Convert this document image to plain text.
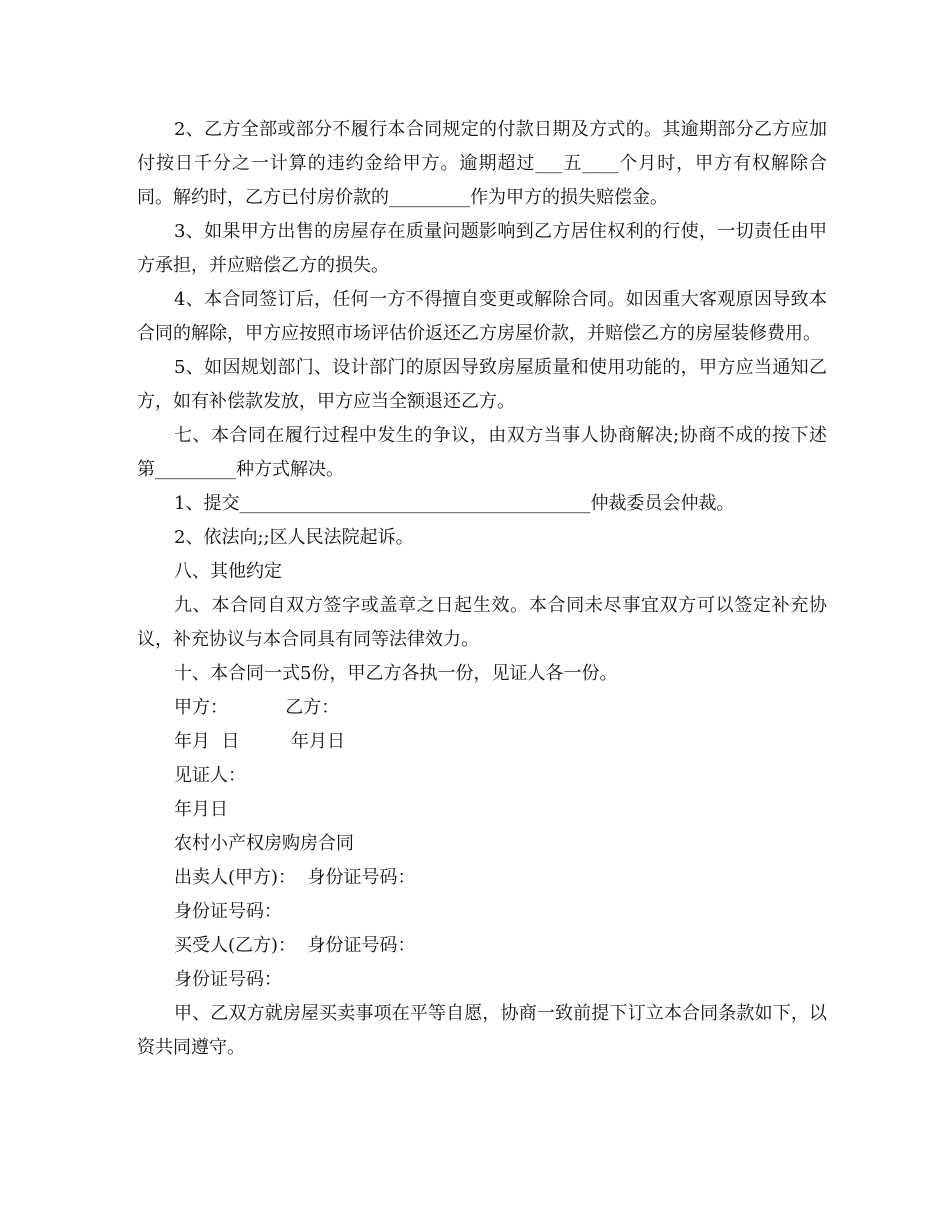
2、乙方全部或部分不履行本合同规定的付款日期及方式的。其逾期部分乙方应加付按日千分之一计算的违约金给甲方。逾期超过___五____个月时，甲方有权解除合同。解约时，乙方已付房价款的_________作为甲方的损失赔偿金。

3、如果甲方出售的房屋存在质量问题影响到乙方居住权利的行使，一切责任由甲方承担，并应赔偿乙方的损失。

4、本合同签订后，任何一方不得擅自变更或解除合同。如因重大客观原因导致本合同的解除，甲方应按照市场评估价返还乙方房屋价款，并赔偿乙方的房屋装修费用。

5、如因规划部门、设计部门的原因导致房屋质量和使用功能的，甲方应当通知乙方，如有补偿款发放，甲方应当全额退还乙方。

七、本合同在履行过程中发生的争议，由双方当事人协商解决;协商不成的按下述第_________种方式解决。

1、提交_______________________________________仲裁委员会仲裁。

2、依法向;;区人民法院起诉。

八、其他约定

九、本合同自双方签字或盖章之日起生效。本合同未尽事宜双方可以签定补充协议，补充协议与本合同具有同等法律效力。

十、本合同一式5份，甲乙方各执一份，见证人各一份。

甲方：          乙方：

年月  日         年月日

见证人：

年月日

农村小产权房购房合同

出卖人(甲方)：  身份证号码：

身份证号码：

买受人(乙方)：  身份证号码：

身份证号码：

甲、乙双方就房屋买卖事项在平等自愿，协商一致前提下订立本合同条款如下，以资共同遵守。
